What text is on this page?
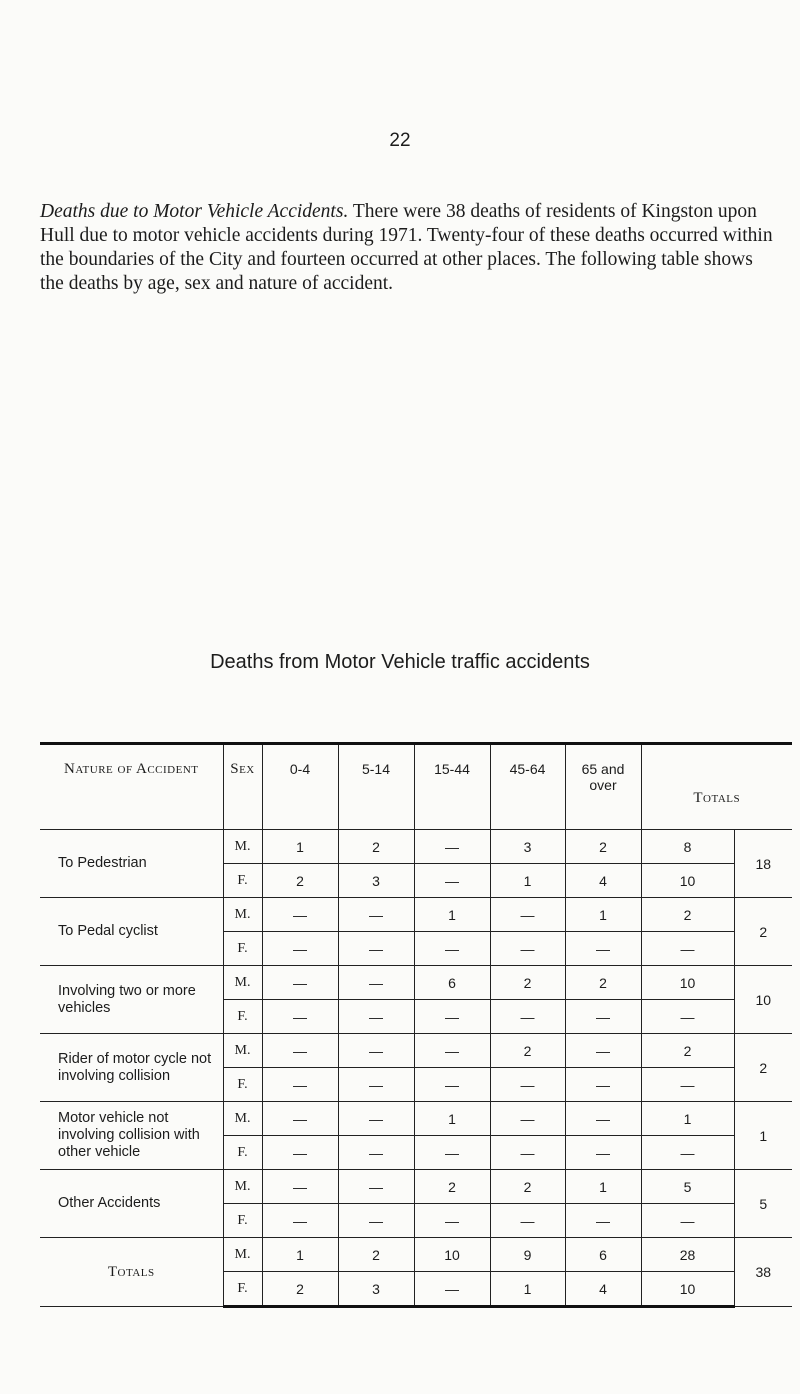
22

Deaths due to Motor Vehicle Accidents. There were 38 deaths of residents of Kingston upon Hull due to motor vehicle accidents during 1971. Twenty-four of these deaths occurred within the boundaries of the City and fourteen occurred at other places. The following table shows the deaths by age, sex and nature of accident.

Deaths from Motor Vehicle traffic accidents
Nature of Accident	Sex	0-4	5-14	15-44	45-64	65 and over	Totals	
To Pedestrian	M.	1	2	—	3	2	8	18
	F.	2	3	—	1	4	10	
To Pedal cyclist	M.	—	—	1	—	1	2	2
	F.	—	—	—	—	—	—	
Involving two or more vehicles	M.	—	—	6	2	2	10	10
	F.	—	—	—	—	—	—	
Rider of motor cycle not involving collision	M.	—	—	—	2	—	2	2
	F.	—	—	—	—	—	—	
Motor vehicle not involving collision with other vehicle	M.	—	—	1	—	—	1	1
	F.	—	—	—	—	—	—	
Other Accidents	M.	—	—	2	2	1	5	5
	F.	—	—	—	—	—	—	
Totals	M.	1	2	10	9	6	28	38
	F.	2	3	—	1	4	10	
